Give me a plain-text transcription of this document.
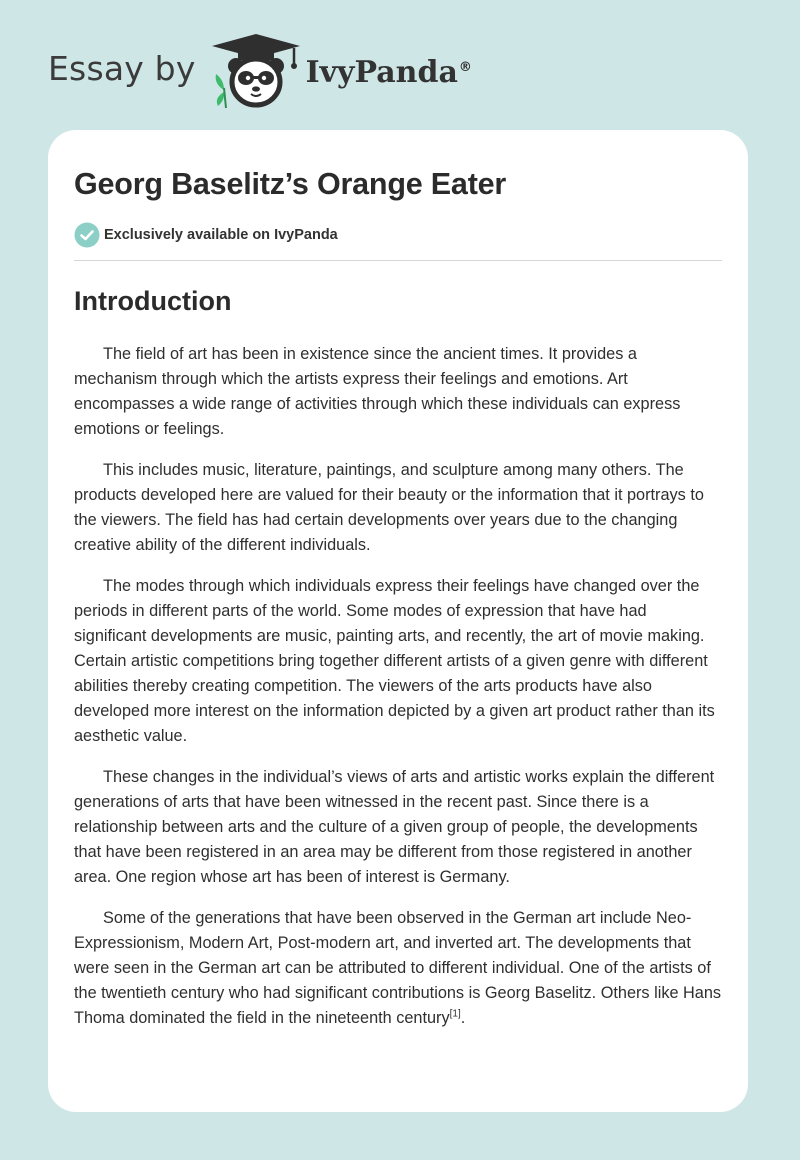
Essay by	IvyPanda®
Georg Baselitz’s Orange Eater
Exclusively available on IvyPanda
Introduction

The field of art has been in existence since the ancient times. It provides a mechanism through which the artists express their feelings and emotions. Art encompasses a wide range of activities through which these individuals can express emotions or feelings.

This includes music, literature, paintings, and sculpture among many others. The products developed here are valued for their beauty or the information that it portrays to the viewers. The field has had certain developments over years due to the changing creative ability of the different individuals.

The modes through which individuals express their feelings have changed over the periods in different parts of the world. Some modes of expression that have had significant developments are music, painting arts, and recently, the art of movie making. Certain artistic competitions bring together different artists of a given genre with different abilities thereby creating competition. The viewers of the arts products have also developed more interest on the information depicted by a given art product rather than its aesthetic value.

These changes in the individual’s views of arts and artistic works explain the different generations of arts that have been witnessed in the recent past. Since there is a relationship between arts and the culture of a given group of people, the developments that have been registered in an area may be different from those registered in another area. One region whose art has been of interest is Germany.

Some of the generations that have been observed in the German art include Neo-Expressionism, Modern Art, Post-modern art, and inverted art. The developments that were seen in the German art can be attributed to different individual. One of the artists of the twentieth century who had significant contributions is Georg Baselitz. Others like Hans Thoma dominated the field in the nineteenth century[1].
